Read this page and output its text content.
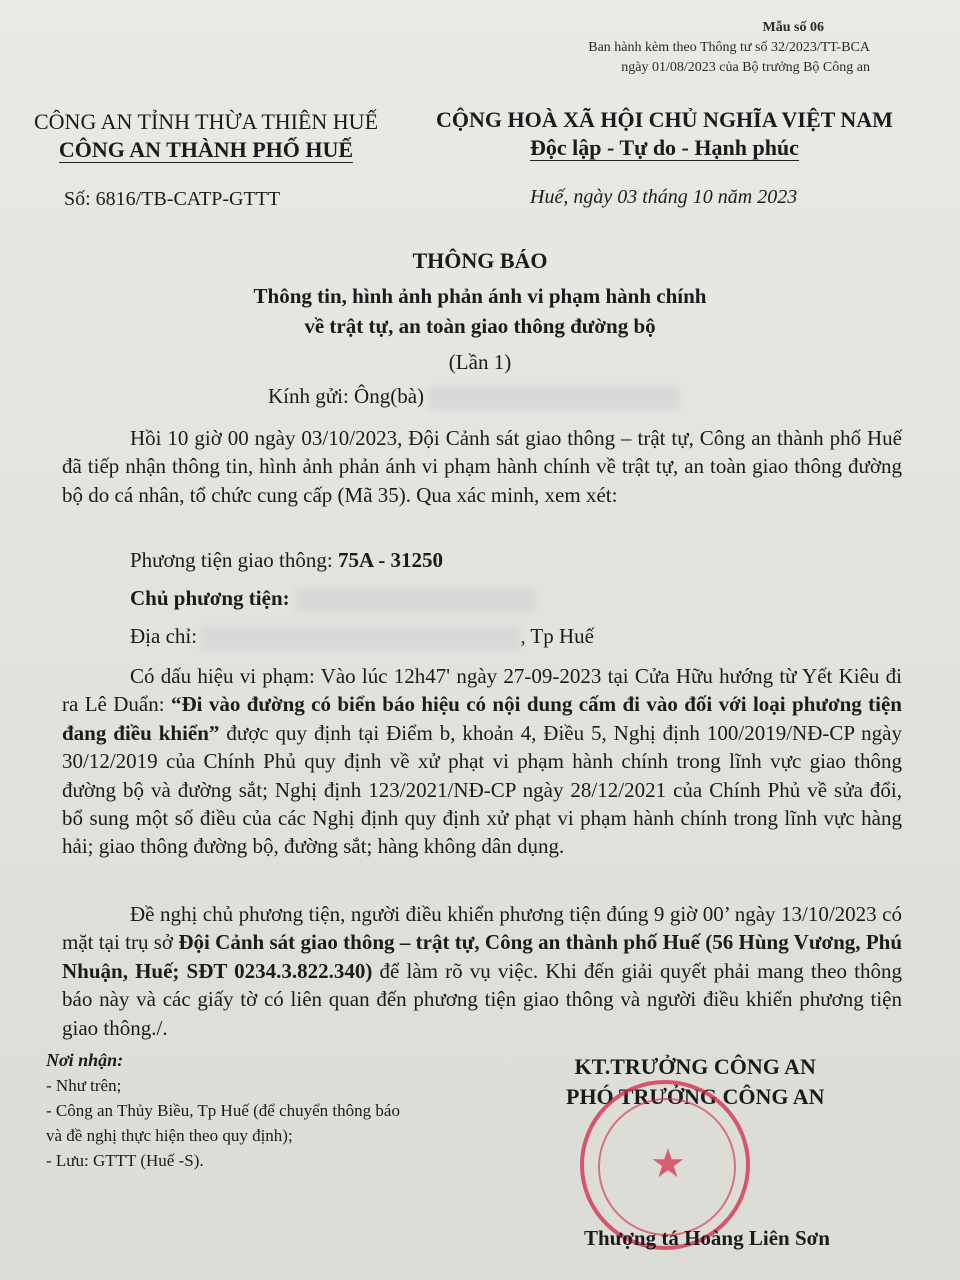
Mẫu số 06
Ban hành kèm theo Thông tư số 32/2023/TT-BCA
ngày 01/08/2023 của Bộ trưởng Bộ Công an
CÔNG AN TỈNH THỪA THIÊN HUẾ
CÔNG AN THÀNH PHỐ HUẾ
CỘNG HOÀ XÃ HỘI CHỦ NGHĨA VIỆT NAM
Độc lập - Tự do - Hạnh phúc
Số: 6816/TB-CATP-GTTT	Huế, ngày 03 tháng 10 năm 2023
THÔNG BÁO
Thông tin, hình ảnh phản ánh vi phạm hành chính
về trật tự, an toàn giao thông đường bộ
(Lần 1)
Kính gửi: Ông(bà)

Hồi 10 giờ 00 ngày 03/10/2023, Đội Cảnh sát giao thông – trật tự, Công an thành phố Huế đã tiếp nhận thông tin, hình ảnh phản ánh vi phạm hành chính về trật tự, an toàn giao thông đường bộ do cá nhân, tổ chức cung cấp (Mã 35). Qua xác minh, xem xét:

Phương tiện giao thông: 75A - 31250
Chủ phương tiện:
Địa chỉ:	, Tp Huế

Có dấu hiệu vi phạm: Vào lúc 12h47' ngày 27-09-2023 tại Cửa Hữu hướng từ Yết Kiêu đi ra Lê Duẩn: “Đi vào đường có biển báo hiệu có nội dung cấm đi vào đối với loại phương tiện đang điều khiển” được quy định tại Điểm b, khoản 4, Điều 5, Nghị định 100/2019/NĐ-CP ngày 30/12/2019 của Chính Phủ quy định về xử phạt vi phạm hành chính trong lĩnh vực giao thông đường bộ và đường sắt; Nghị định 123/2021/NĐ-CP ngày 28/12/2021 của Chính Phủ về sửa đổi, bổ sung một số điều của các Nghị định quy định xử phạt vi phạm hành chính trong lĩnh vực hàng hải; giao thông đường bộ, đường sắt; hàng không dân dụng.

Đề nghị chủ phương tiện, người điều khiển phương tiện đúng 9 giờ 00’ ngày 13/10/2023 có mặt tại trụ sở Đội Cảnh sát giao thông – trật tự, Công an thành phố Huế (56 Hùng Vương, Phú Nhuận, Huế; SĐT 0234.3.822.340) để làm rõ vụ việc. Khi đến giải quyết phải mang theo thông báo này và các giấy tờ có liên quan đến phương tiện giao thông và người điều khiển phương tiện giao thông./.

Nơi nhận:
- Như trên;
- Công an Thủy Biều, Tp Huế (để chuyển thông báo
và đề nghị thực hiện theo quy định);
- Lưu: GTTT (Huế -S).
KT.TRƯỞNG CÔNG AN
PHÓ TRƯỞNG CÔNG AN
★
Thượng tá Hoàng Liên Sơn
